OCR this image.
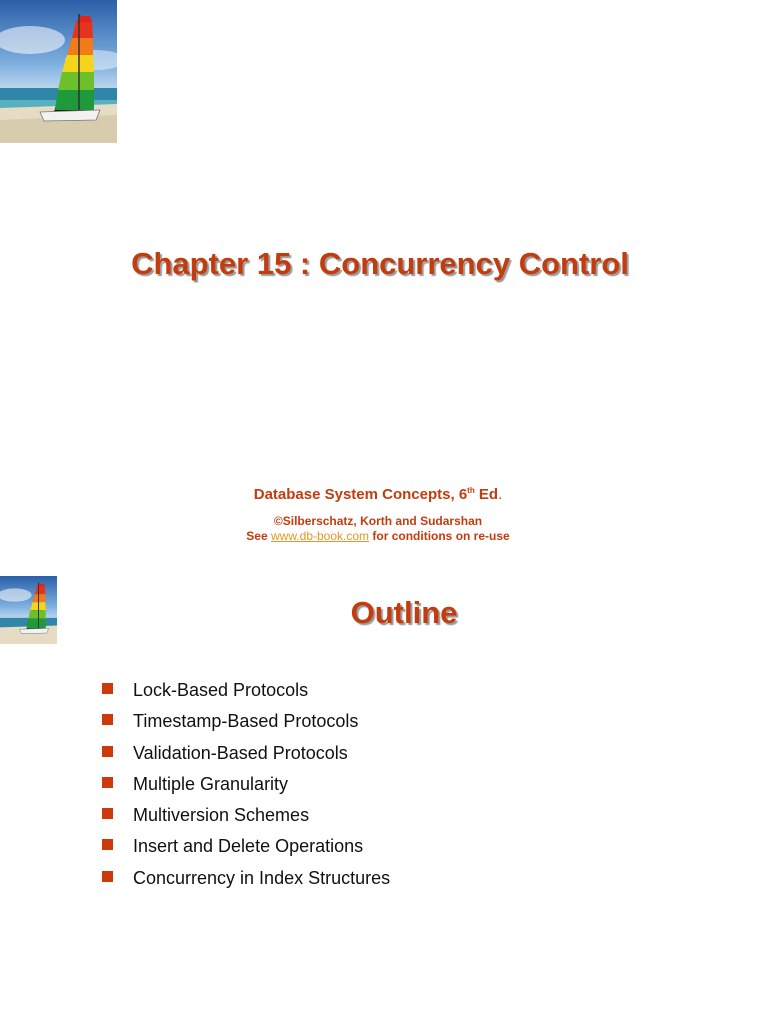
Chapter 15 : Concurrency Control
Database System Concepts, 6th Ed.
©Silberschatz, Korth and Sudarshan
See www.db-book.com for conditions on re-use
Outline
Lock-Based Protocols
Timestamp-Based Protocols
Validation-Based Protocols
Multiple Granularity
Multiversion Schemes
Insert and Delete Operations
Concurrency in Index Structures
